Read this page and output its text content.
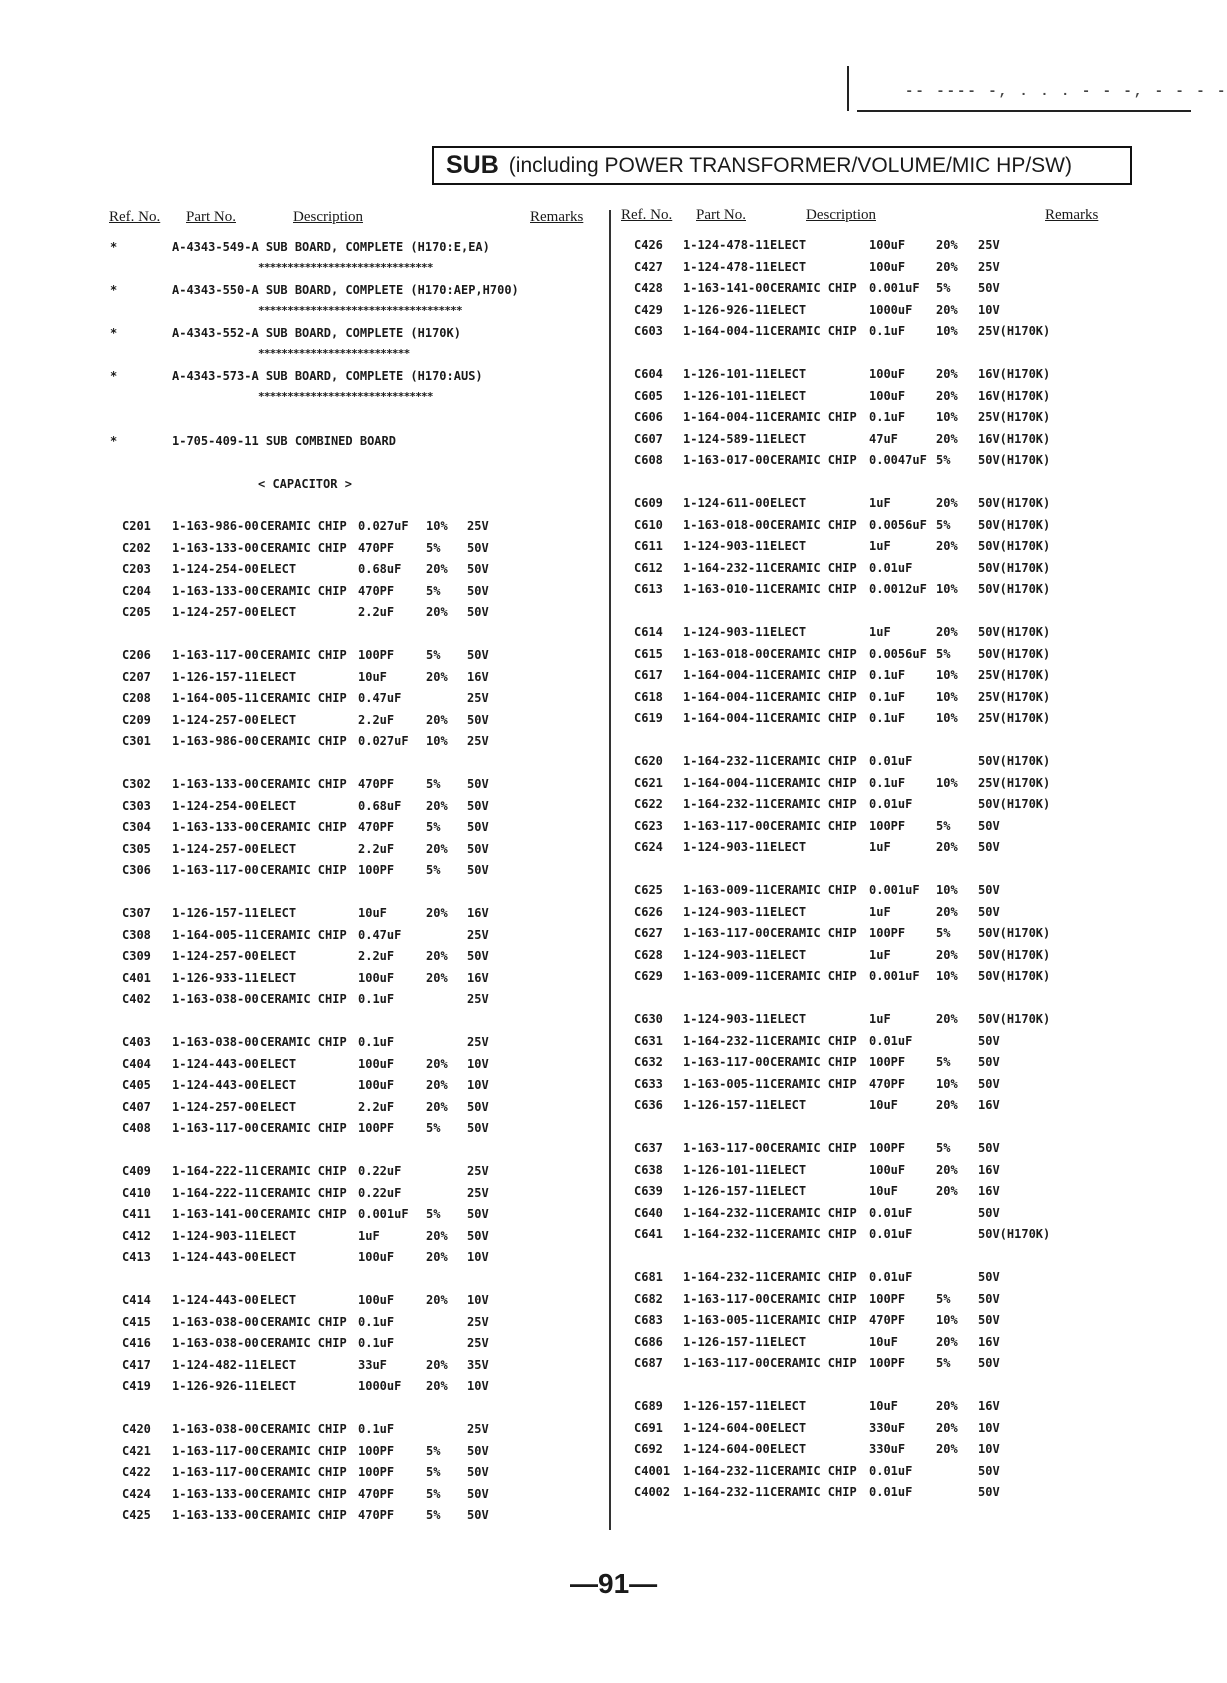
-- ---- -, . . . - - -, - - - -
SUB (including POWER TRANSFORMER/VOLUME/MIC HP/SW)
Ref. No. Part No.	Description	Remarks	Ref. No. Part No.	Description	Remarks
*	A-4343-549-A SUB BOARD, COMPLETE (H170:E,EA)
******************************
*	A-4343-550-A SUB BOARD, COMPLETE (H170:AEP,H700)
***********************************
*	A-4343-552-A SUB BOARD, COMPLETE (H170K)
**************************
*	A-4343-573-A SUB BOARD, COMPLETE (H170:AUS)
******************************
*	1-705-409-11 SUB COMBINED BOARD
< CAPACITOR >
C201 1-163-986-00 CERAMIC CHIP 0.027uF 10% 25V
C202 1-163-133-00 CERAMIC CHIP 470PF	5% 50V
C203 1-124-254-00 ELECT	0.68uF 20% 50V
C204 1-163-133-00 CERAMIC CHIP 470PF	5% 50V
C205 1-124-257-00 ELECT	2.2uF	20% 50V
C206 1-163-117-00 CERAMIC CHIP 100PF	5% 50V
C207 1-126-157-11 ELECT	10uF	20% 16V
C208 1-164-005-11 CERAMIC CHIP 0.47uF	25V
C209 1-124-257-00 ELECT	2.2uF	20% 50V
C301 1-163-986-00 CERAMIC CHIP 0.027uF 10% 25V
C302 1-163-133-00 CERAMIC CHIP 470PF	5% 50V
C303 1-124-254-00 ELECT	0.68uF 20% 50V
C304 1-163-133-00 CERAMIC CHIP 470PF	5% 50V
C305 1-124-257-00 ELECT	2.2uF	20% 50V
C306 1-163-117-00 CERAMIC CHIP 100PF	5% 50V
C307 1-126-157-11 ELECT	10uF	20% 16V
C308 1-164-005-11 CERAMIC CHIP 0.47uF	25V
C309 1-124-257-00 ELECT	2.2uF	20% 50V
C401 1-126-933-11 ELECT	100uF	20% 16V
C402 1-163-038-00 CERAMIC CHIP 0.1uF	25V
C403 1-163-038-00 CERAMIC CHIP 0.1uF	25V
C404 1-124-443-00 ELECT	100uF	20% 10V
C405 1-124-443-00 ELECT	100uF	20% 10V
C407 1-124-257-00 ELECT	2.2uF	20% 50V
C408 1-163-117-00 CERAMIC CHIP 100PF	5% 50V
C409 1-164-222-11 CERAMIC CHIP 0.22uF	25V
C410 1-164-222-11 CERAMIC CHIP 0.22uF	25V
C411 1-163-141-00 CERAMIC CHIP 0.001uF 5% 50V
C412 1-124-903-11 ELECT	1uF	20% 50V
C413 1-124-443-00 ELECT	100uF	20% 10V
C414 1-124-443-00 ELECT	100uF	20% 10V
C415 1-163-038-00 CERAMIC CHIP 0.1uF	25V
C416 1-163-038-00 CERAMIC CHIP 0.1uF	25V
C417 1-124-482-11 ELECT	33uF	20% 35V
C419 1-126-926-11 ELECT	1000uF 20% 10V
C420 1-163-038-00 CERAMIC CHIP 0.1uF	25V
C421 1-163-117-00 CERAMIC CHIP 100PF	5% 50V
C422 1-163-117-00 CERAMIC CHIP 100PF	5% 50V
C424 1-163-133-00 CERAMIC CHIP 470PF	5% 50V
C425 1-163-133-00 CERAMIC CHIP 470PF	5% 50V
C426 1-124-478-11 ELECT	100uF	20% 25V
C427 1-124-478-11 ELECT	100uF	20% 25V
C428 1-163-141-00 CERAMIC CHIP 0.001uF 5% 50V
C429 1-126-926-11 ELECT	1000uF 20% 10V
C603 1-164-004-11 CERAMIC CHIP 0.1uF	10% 25V(H170K)
C604 1-126-101-11 ELECT	100uF	20% 16V(H170K)
C605 1-126-101-11 ELECT	100uF	20% 16V(H170K)
C606 1-164-004-11 CERAMIC CHIP 0.1uF	10% 25V(H170K)
C607 1-124-589-11 ELECT	47uF	20% 16V(H170K)
C608 1-163-017-00 CERAMIC CHIP 0.0047uF 5% 50V(H170K)
C609 1-124-611-00 ELECT	1uF	20% 50V(H170K)
C610 1-163-018-00 CERAMIC CHIP 0.0056uF 5% 50V(H170K)
C611 1-124-903-11 ELECT	1uF	20% 50V(H170K)
C612 1-164-232-11 CERAMIC CHIP 0.01uF	50V(H170K)
C613 1-163-010-11 CERAMIC CHIP 0.0012uF 10% 50V(H170K)
C614 1-124-903-11 ELECT	1uF	20% 50V(H170K)
C615 1-163-018-00 CERAMIC CHIP 0.0056uF 5% 50V(H170K)
C617 1-164-004-11 CERAMIC CHIP 0.1uF	10% 25V(H170K)
C618 1-164-004-11 CERAMIC CHIP 0.1uF	10% 25V(H170K)
C619 1-164-004-11 CERAMIC CHIP 0.1uF	10% 25V(H170K)
C620 1-164-232-11 CERAMIC CHIP 0.01uF	50V(H170K)
C621 1-164-004-11 CERAMIC CHIP 0.1uF	10% 25V(H170K)
C622 1-164-232-11 CERAMIC CHIP 0.01uF	50V(H170K)
C623 1-163-117-00 CERAMIC CHIP 100PF	5% 50V
C624 1-124-903-11 ELECT	1uF	20% 50V
C625 1-163-009-11 CERAMIC CHIP 0.001uF 10% 50V
C626 1-124-903-11 ELECT	1uF	20% 50V
C627 1-163-117-00 CERAMIC CHIP 100PF	5% 50V(H170K)
C628 1-124-903-11 ELECT	1uF	20% 50V(H170K)
C629 1-163-009-11 CERAMIC CHIP 0.001uF 10% 50V(H170K)
C630 1-124-903-11 ELECT	1uF	20% 50V(H170K)
C631 1-164-232-11 CERAMIC CHIP 0.01uF	50V
C632 1-163-117-00 CERAMIC CHIP 100PF	5% 50V
C633 1-163-005-11 CERAMIC CHIP 470PF	10% 50V
C636 1-126-157-11 ELECT	10uF	20% 16V
C637 1-163-117-00 CERAMIC CHIP 100PF	5% 50V
C638 1-126-101-11 ELECT	100uF	20% 16V
C639 1-126-157-11 ELECT	10uF	20% 16V
C640 1-164-232-11 CERAMIC CHIP 0.01uF	50V
C641 1-164-232-11 CERAMIC CHIP 0.01uF	50V(H170K)
C681 1-164-232-11 CERAMIC CHIP 0.01uF	50V
C682 1-163-117-00 CERAMIC CHIP 100PF	5% 50V
C683 1-163-005-11 CERAMIC CHIP 470PF	10% 50V
C686 1-126-157-11 ELECT	10uF	20% 16V
C687 1-163-117-00 CERAMIC CHIP 100PF	5% 50V
C689 1-126-157-11 ELECT	10uF	20% 16V
C691 1-124-604-00 ELECT	330uF	20% 10V
C692 1-124-604-00 ELECT	330uF	20% 10V
C4001 1-164-232-11 CERAMIC CHIP 0.01uF	50V
C4002 1-164-232-11 CERAMIC CHIP 0.01uF	50V
—91—
